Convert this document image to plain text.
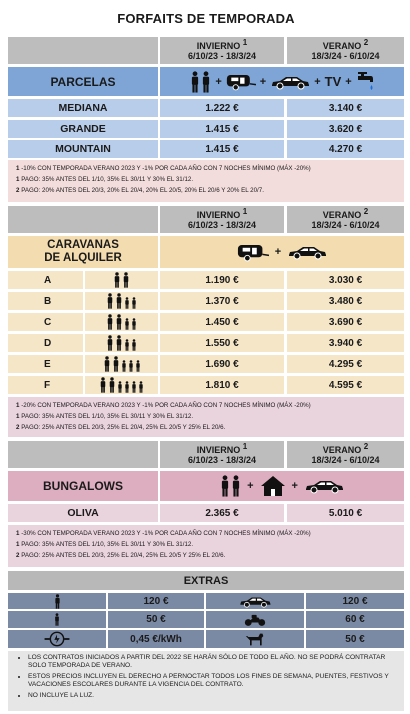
FORFAITS DE TEMPORADA
INVIERNO 1
6/10/23 - 18/3/24
VERANO 2
18/3/24 - 6/10/24
PARCELAS	+	+	+ TV +
MEDIANA	1.222 €	3.140 €
GRANDE	1.415 €	3.620 €
MOUNTAIN	1.415 €	4.270 €
1 -10% CON TEMPORADA VERANO 2023 Y -1% POR CADA AÑO CON 7 NOCHES MÍNIMO (MÁX -20%)
1 PAGO: 35% ANTES DEL 1/10, 35% EL 30/11 Y 30% EL 31/12.
2 PAGO: 20% ANTES DEL 20/3, 20% EL 20/4, 20% EL 20/5, 20% EL 20/6 Y 20% EL 20/7.
INVIERNO 1
6/10/23 - 18/3/24
VERANO 2
18/3/24 - 6/10/24
CARAVANAS
DE ALQUILER	+
A	1.190 €	3.030 €
B	1.370 €	3.480 €
C	1.450 €	3.690 €
D	1.550 €	3.940 €
E	1.690 €	4.295 €
F	1.810 €	4.595 €
1 -20% CON TEMPORADA VERANO 2023 Y -1% POR CADA AÑO CON 7 NOCHES MÍNIMO (MÁX -20%)
1 PAGO: 35% ANTES DEL 1/10, 35% EL 30/11 Y 30% EL 31/12.
2 PAGO: 25% ANTES DEL 20/3, 25% EL 20/4, 25% EL 20/5 Y 25% EL 20/6.
INVIERNO 1
6/10/23 - 18/3/24
VERANO 2
18/3/24 - 6/10/24
BUNGALOWS	+	+
OLIVA	2.365 €	5.010 €
1 -30% CON TEMPORADA VERANO 2023 Y -1% POR CADA AÑO CON 7 NOCHES MÍNIMO (MÁX -20%)
1 PAGO: 35% ANTES DEL 1/10, 35% EL 30/11 Y 30% EL 31/12.
2 PAGO: 25% ANTES DEL 20/3, 25% EL 20/4, 25% EL 20/5 Y 25% EL 20/6.
EXTRAS
120 €	120 €
50 €	60 €
0,45 €/kWh	50 €
• LOS CONTRATOS INICIADOS A PARTIR DEL 2022 SE HARÁN SÓLO DE TODO EL AÑO. NO SE PODRÁ CONTRATAR SOLO TEMPORADA DE VERANO.
• ESTOS PRECIOS INCLUYEN EL DERECHO A PERNOCTAR TODOS LOS FINES DE SEMANA, PUENTES, FESTIVOS Y VACACIONES ESCOLARES DURANTE LA VIGENCIA DEL CONTRATO.
• NO INCLUYE LA LUZ.
